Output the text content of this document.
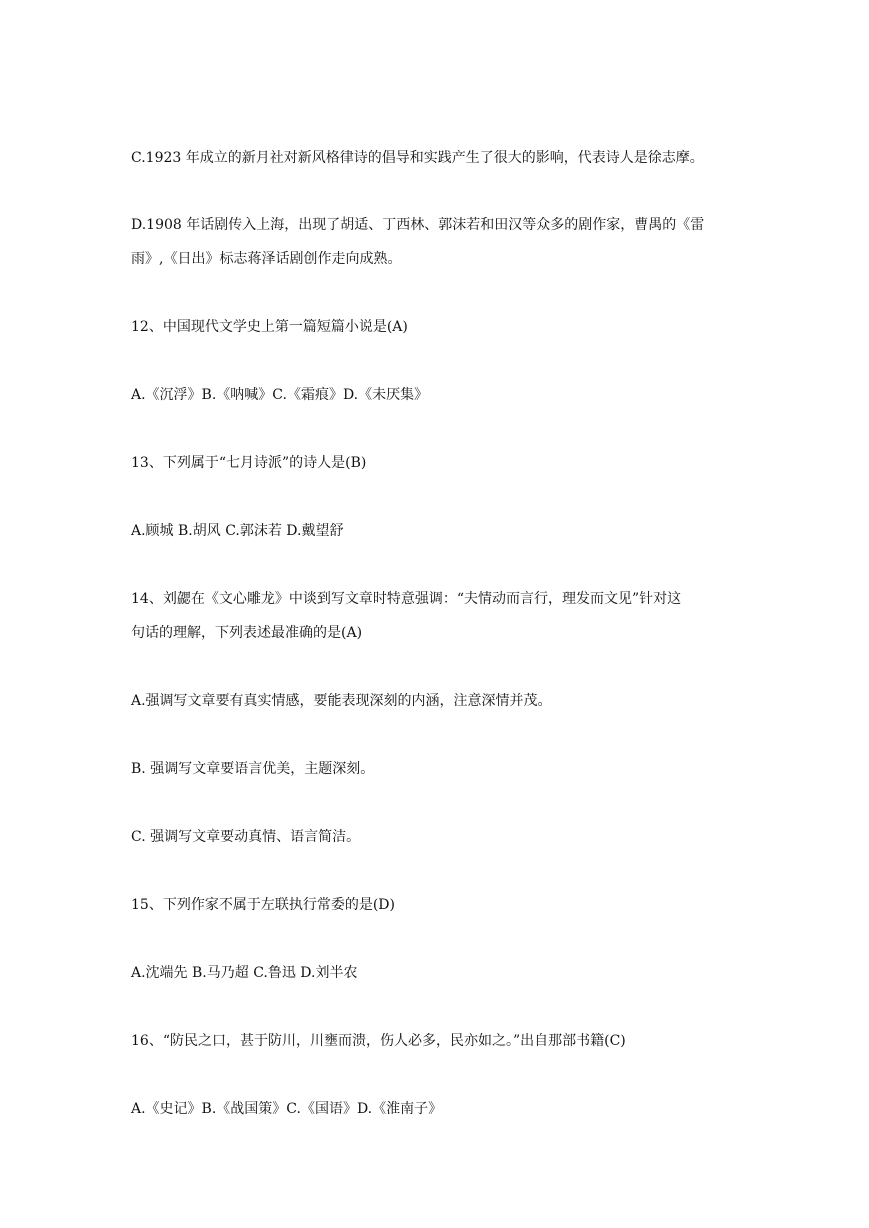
C.1923 年成立的新月社对新风格律诗的倡导和实践产生了很大的影响，代表诗人是徐志摩。

D.1908 年话剧传入上海，出现了胡适、丁西林、郭沫若和田汉等众多的剧作家，曹禺的《雷

雨》,《日出》标志蒋泽话剧创作走向成熟。

12、中国现代文学史上第一篇短篇小说是(A)

A.《沉浮》B.《呐喊》C.《霜痕》D.《未厌集》

13、下列属于“七月诗派”的诗人是(B)

A.顾城 B.胡风 C.郭沫若 D.戴望舒

14、刘勰在《文心雕龙》中谈到写文章时特意强调：“夫情动而言行，理发而文见”针对这

句话的理解，下列表述最准确的是(A)

A.强调写文章要有真实情感，要能表现深刻的内涵，注意深情并茂。

B. 强调写文章要语言优美，主题深刻。

C. 强调写文章要动真情、语言简洁。

15、下列作家不属于左联执行常委的是(D)

A.沈端先 B.马乃超 C.鲁迅 D.刘半农

16、“防民之口，甚于防川，川壅而溃，伤人必多，民亦如之。”出自那部书籍(C)

A.《史记》B.《战国策》C.《国语》D.《淮南子》
